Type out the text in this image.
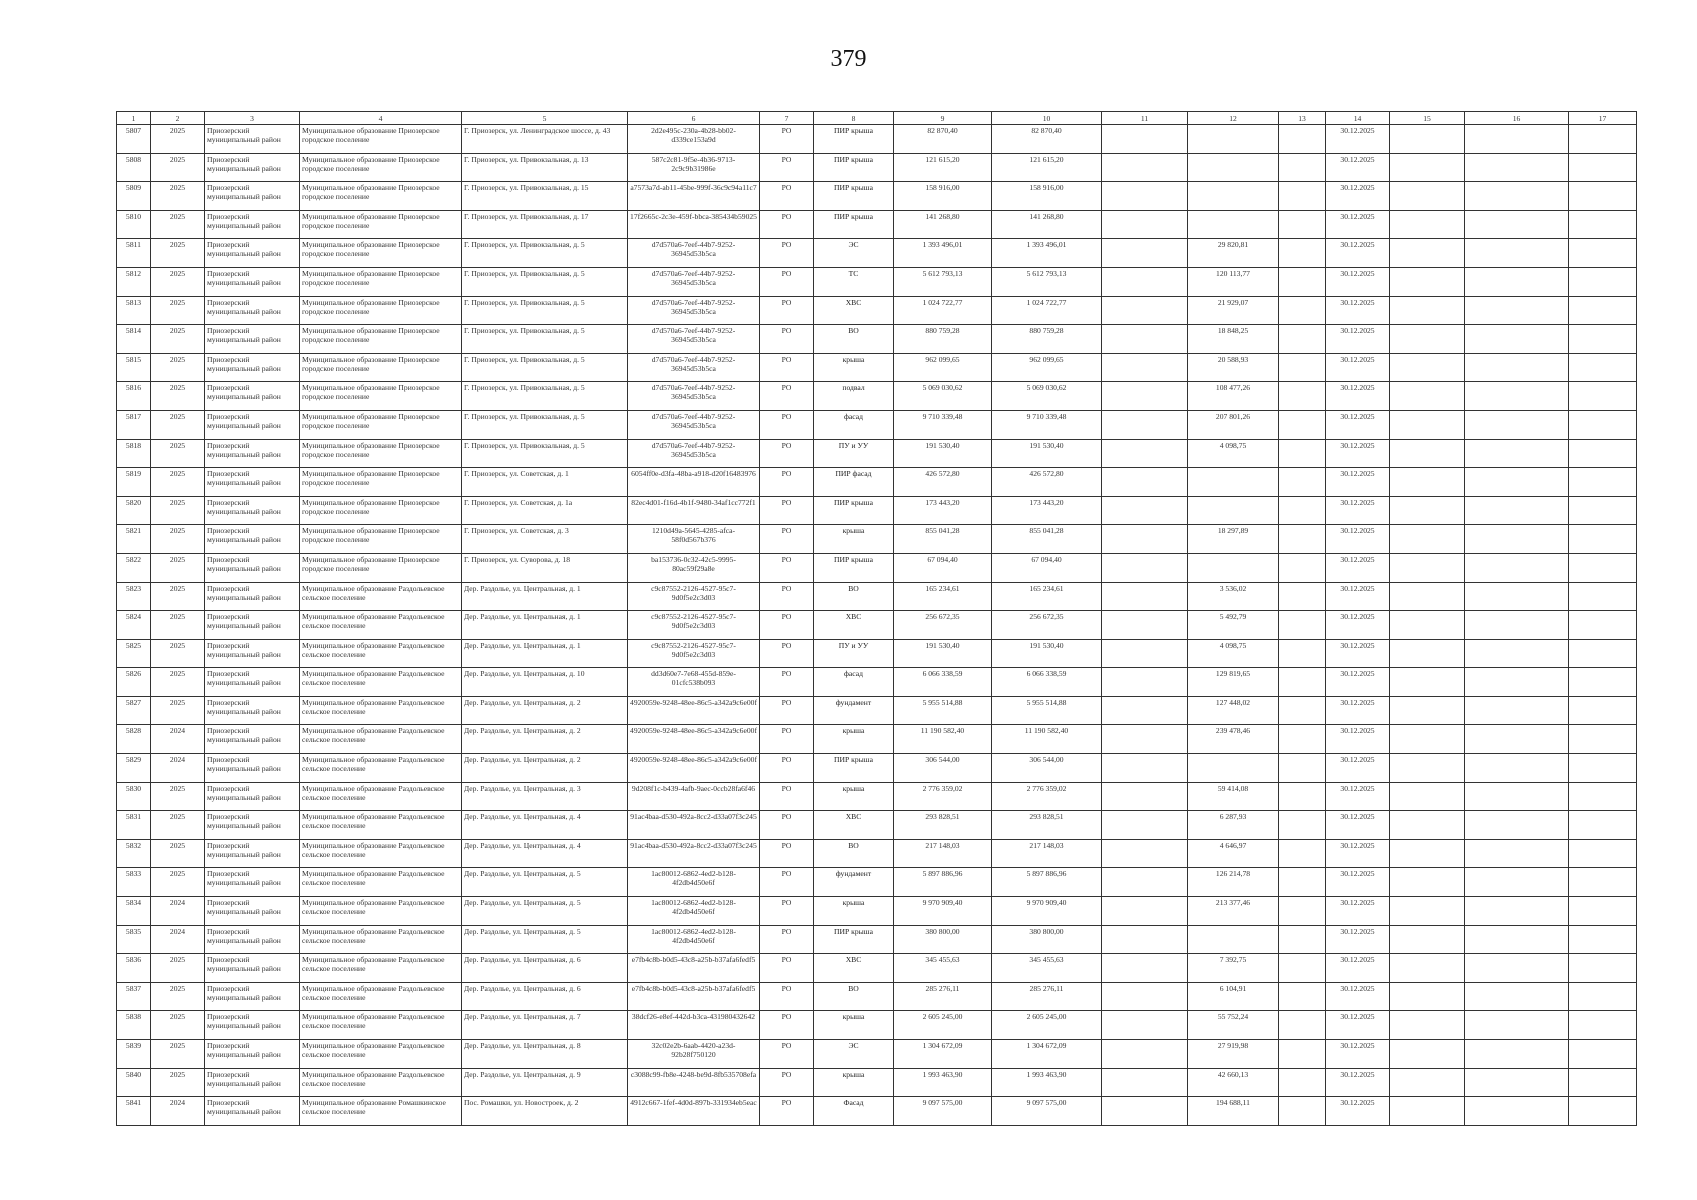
379
1	2	3	4	5	6	7	8	9	10	11	12	13	14	15	16	17
5807	2025	Приозерский муниципальный район	Муниципальное образование Приозерское городское поселение	Г. Приозерск, ул. Ленинградское шоссе, д. 43	2d2e495c-230a-4b28-bb02-d339ce153a9d	РО	ПИР крыша	82 870,40	82 870,40				30.12.2025			
5808	2025	Приозерский муниципальный район	Муниципальное образование Приозерское городское поселение	Г. Приозерск, ул. Привокзальная, д. 13	587c2c81-9f5e-4b36-9713-2c9c9b31986e	РО	ПИР крыша	121 615,20	121 615,20				30.12.2025			
5809	2025	Приозерский муниципальный район	Муниципальное образование Приозерское городское поселение	Г. Приозерск, ул. Привокзальная, д. 15	a7573a7d-ab11-45be-999f-36c9c94a11c7	РО	ПИР крыша	158 916,00	158 916,00				30.12.2025			
5810	2025	Приозерский муниципальный район	Муниципальное образование Приозерское городское поселение	Г. Приозерск, ул. Привокзальная, д. 17	17f2665c-2c3e-459f-bbca-385434b59025	РО	ПИР крыша	141 268,80	141 268,80				30.12.2025			
5811	2025	Приозерский муниципальный район	Муниципальное образование Приозерское городское поселение	Г. Приозерск, ул. Привокзальная, д. 5	d7d570a6-7eef-44b7-9252-36945d53b5ca	РО	ЭС	1 393 496,01	1 393 496,01		29 820,81		30.12.2025			
5812	2025	Приозерский муниципальный район	Муниципальное образование Приозерское городское поселение	Г. Приозерск, ул. Привокзальная, д. 5	d7d570a6-7eef-44b7-9252-36945d53b5ca	РО	ТС	5 612 793,13	5 612 793,13		120 113,77		30.12.2025			
5813	2025	Приозерский муниципальный район	Муниципальное образование Приозерское городское поселение	Г. Приозерск, ул. Привокзальная, д. 5	d7d570a6-7eef-44b7-9252-36945d53b5ca	РО	ХВС	1 024 722,77	1 024 722,77		21 929,07		30.12.2025			
5814	2025	Приозерский муниципальный район	Муниципальное образование Приозерское городское поселение	Г. Приозерск, ул. Привокзальная, д. 5	d7d570a6-7eef-44b7-9252-36945d53b5ca	РО	ВО	880 759,28	880 759,28		18 848,25		30.12.2025			
5815	2025	Приозерский муниципальный район	Муниципальное образование Приозерское городское поселение	Г. Приозерск, ул. Привокзальная, д. 5	d7d570a6-7eef-44b7-9252-36945d53b5ca	РО	крыша	962 099,65	962 099,65		20 588,93		30.12.2025			
5816	2025	Приозерский муниципальный район	Муниципальное образование Приозерское городское поселение	Г. Приозерск, ул. Привокзальная, д. 5	d7d570a6-7eef-44b7-9252-36945d53b5ca	РО	подвал	5 069 030,62	5 069 030,62		108 477,26		30.12.2025			
5817	2025	Приозерский муниципальный район	Муниципальное образование Приозерское городское поселение	Г. Приозерск, ул. Привокзальная, д. 5	d7d570a6-7eef-44b7-9252-36945d53b5ca	РО	фасад	9 710 339,48	9 710 339,48		207 801,26		30.12.2025			
5818	2025	Приозерский муниципальный район	Муниципальное образование Приозерское городское поселение	Г. Приозерск, ул. Привокзальная, д. 5	d7d570a6-7eef-44b7-9252-36945d53b5ca	РО	ПУ и УУ	191 530,40	191 530,40		4 098,75		30.12.2025			
5819	2025	Приозерский муниципальный район	Муниципальное образование Приозерское городское поселение	Г. Приозерск, ул. Советская, д. 1	6054ff0e-d3fa-48ba-a918-d20f16483976	РО	ПИР фасад	426 572,80	426 572,80				30.12.2025			
5820	2025	Приозерский муниципальный район	Муниципальное образование Приозерское городское поселение	Г. Приозерск, ул. Советская, д. 1а	82ec4d01-f16d-4b1f-9480-34af1cc772f1	РО	ПИР крыша	173 443,20	173 443,20				30.12.2025			
5821	2025	Приозерский муниципальный район	Муниципальное образование Приозерское городское поселение	Г. Приозерск, ул. Советская, д. 3	1210d49a-5645-4285-afca-58f0d567b376	РО	крыша	855 041,28	855 041,28		18 297,89		30.12.2025			
5822	2025	Приозерский муниципальный район	Муниципальное образование Приозерское городское поселение	Г. Приозерск, ул. Суворова, д. 18	ba153736-0c32-42c5-9995-80ac59f29a8e	РО	ПИР крыша	67 094,40	67 094,40				30.12.2025			
5823	2025	Приозерский муниципальный район	Муниципальное образование Раздольевское сельское поселение	Дер. Раздолье, ул. Центральная, д. 1	c9c87552-2126-4527-95c7-9d0f5e2c3d03	РО	ВО	165 234,61	165 234,61		3 536,02		30.12.2025			
5824	2025	Приозерский муниципальный район	Муниципальное образование Раздольевское сельское поселение	Дер. Раздолье, ул. Центральная, д. 1	c9c87552-2126-4527-95c7-9d0f5e2c3d03	РО	ХВС	256 672,35	256 672,35		5 492,79		30.12.2025			
5825	2025	Приозерский муниципальный район	Муниципальное образование Раздольевское сельское поселение	Дер. Раздолье, ул. Центральная, д. 1	c9c87552-2126-4527-95c7-9d0f5e2c3d03	РО	ПУ и УУ	191 530,40	191 530,40		4 098,75		30.12.2025			
5826	2025	Приозерский муниципальный район	Муниципальное образование Раздольевское сельское поселение	Дер. Раздолье, ул. Центральная, д. 10	dd3d60e7-7e68-455d-859e-01cfc538b093	РО	фасад	6 066 338,59	6 066 338,59		129 819,65		30.12.2025			
5827	2025	Приозерский муниципальный район	Муниципальное образование Раздольевское сельское поселение	Дер. Раздолье, ул. Центральная, д. 2	4920059e-9248-48ee-86c5-a342a9c6e00f	РО	фундамент	5 955 514,88	5 955 514,88		127 448,02		30.12.2025			
5828	2024	Приозерский муниципальный район	Муниципальное образование Раздольевское сельское поселение	Дер. Раздолье, ул. Центральная, д. 2	4920059e-9248-48ee-86c5-a342a9c6e00f	РО	крыша	11 190 582,40	11 190 582,40		239 478,46		30.12.2025			
5829	2024	Приозерский муниципальный район	Муниципальное образование Раздольевское сельское поселение	Дер. Раздолье, ул. Центральная, д. 2	4920059e-9248-48ee-86c5-a342a9c6e00f	РО	ПИР крыша	306 544,00	306 544,00				30.12.2025			
5830	2025	Приозерский муниципальный район	Муниципальное образование Раздольевское сельское поселение	Дер. Раздолье, ул. Центральная, д. 3	9d208f1c-b439-4afb-9aec-0ccb28fa6f46	РО	крыша	2 776 359,02	2 776 359,02		59 414,08		30.12.2025			
5831	2025	Приозерский муниципальный район	Муниципальное образование Раздольевское сельское поселение	Дер. Раздолье, ул. Центральная, д. 4	91ac4baa-d530-492a-8cc2-d33a07f3c245	РО	ХВС	293 828,51	293 828,51		6 287,93		30.12.2025			
5832	2025	Приозерский муниципальный район	Муниципальное образование Раздольевское сельское поселение	Дер. Раздолье, ул. Центральная, д. 4	91ac4baa-d530-492a-8cc2-d33a07f3c245	РО	ВО	217 148,03	217 148,03		4 646,97		30.12.2025			
5833	2025	Приозерский муниципальный район	Муниципальное образование Раздольевское сельское поселение	Дер. Раздолье, ул. Центральная, д. 5	1ac80012-6862-4ed2-b128-4f2db4d50e6f	РО	фундамент	5 897 886,96	5 897 886,96		126 214,78		30.12.2025			
5834	2024	Приозерский муниципальный район	Муниципальное образование Раздольевское сельское поселение	Дер. Раздолье, ул. Центральная, д. 5	1ac80012-6862-4ed2-b128-4f2db4d50e6f	РО	крыша	9 970 909,40	9 970 909,40		213 377,46		30.12.2025			
5835	2024	Приозерский муниципальный район	Муниципальное образование Раздольевское сельское поселение	Дер. Раздолье, ул. Центральная, д. 5	1ac80012-6862-4ed2-b128-4f2db4d50e6f	РО	ПИР крыша	380 800,00	380 800,00				30.12.2025			
5836	2025	Приозерский муниципальный район	Муниципальное образование Раздольевское сельское поселение	Дер. Раздолье, ул. Центральная, д. 6	e7fb4c8b-b0d5-43c8-a25b-b37afa6fedf5	РО	ХВС	345 455,63	345 455,63		7 392,75		30.12.2025			
5837	2025	Приозерский муниципальный район	Муниципальное образование Раздольевское сельское поселение	Дер. Раздолье, ул. Центральная, д. 6	e7fb4c8b-b0d5-43c8-a25b-b37afa6fedf5	РО	ВО	285 276,11	285 276,11		6 104,91		30.12.2025			
5838	2025	Приозерский муниципальный район	Муниципальное образование Раздольевское сельское поселение	Дер. Раздолье, ул. Центральная, д. 7	38dcf26-e8ef-442d-b3ca-431980432642	РО	крыша	2 605 245,00	2 605 245,00		55 752,24		30.12.2025			
5839	2025	Приозерский муниципальный район	Муниципальное образование Раздольевское сельское поселение	Дер. Раздолье, ул. Центральная, д. 8	32c02e2b-6aab-4420-a23d-92b28f750120	РО	ЭС	1 304 672,09	1 304 672,09		27 919,98		30.12.2025			
5840	2025	Приозерский муниципальный район	Муниципальное образование Раздольевское сельское поселение	Дер. Раздолье, ул. Центральная, д. 9	c3088c99-fb8e-4248-be9d-8fb535708efa	РО	крыша	1 993 463,90	1 993 463,90		42 660,13		30.12.2025			
5841	2024	Приозерский муниципальный район	Муниципальное образование Ромашкинское сельское поселение	Пос. Ромашки, ул. Новостроек, д. 2	4912c667-1fef-4d0d-897b-331934eb5eac	РО	Фасад	9 097 575,00	9 097 575,00		194 688,11		30.12.2025			
